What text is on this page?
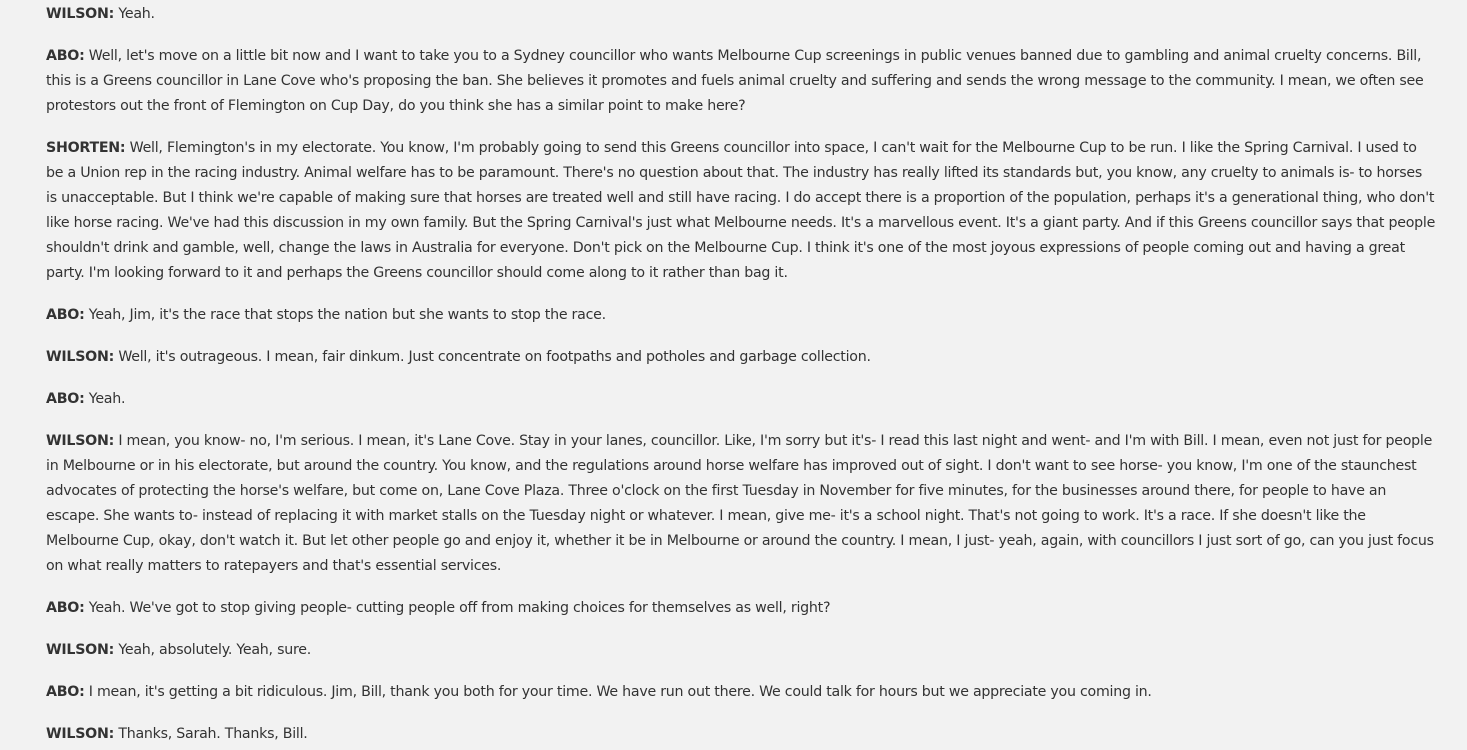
WILSON: Yeah.

ABO: Well, let's move on a little bit now and I want to take you to a Sydney councillor who wants Melbourne Cup screenings in public venues banned due to gambling and animal cruelty concerns. Bill, this is a Greens councillor in Lane Cove who's proposing the ban. She believes it promotes and fuels animal cruelty and suffering and sends the wrong message to the community. I mean, we often see protestors out the front of Flemington on Cup Day, do you think she has a similar point to make here?

SHORTEN: Well, Flemington's in my electorate. You know, I'm probably going to send this Greens councillor into space, I can't wait for the Melbourne Cup to be run. I like the Spring Carnival. I used to be a Union rep in the racing industry. Animal welfare has to be paramount. There's no question about that. The industry has really lifted its standards but, you know, any cruelty to animals is- to horses is unacceptable. But I think we're capable of making sure that horses are treated well and still have racing. I do accept there is a proportion of the population, perhaps it's a generational thing, who don't like horse racing. We've had this discussion in my own family. But the Spring Carnival's just what Melbourne needs. It's a marvellous event. It's a giant party. And if this Greens councillor says that people shouldn't drink and gamble, well, change the laws in Australia for everyone. Don't pick on the Melbourne Cup. I think it's one of the most joyous expressions of people coming out and having a great party. I'm looking forward to it and perhaps the Greens councillor should come along to it rather than bag it.

ABO: Yeah, Jim, it's the race that stops the nation but she wants to stop the race.

WILSON: Well, it's outrageous. I mean, fair dinkum. Just concentrate on footpaths and potholes and garbage collection.

ABO: Yeah.

WILSON: I mean, you know- no, I'm serious. I mean, it's Lane Cove. Stay in your lanes, councillor. Like, I'm sorry but it's- I read this last night and went- and I'm with Bill. I mean, even not just for people in Melbourne or in his electorate, but around the country. You know, and the regulations around horse welfare has improved out of sight. I don't want to see horse- you know, I'm one of the staunchest advocates of protecting the horse's welfare, but come on, Lane Cove Plaza. Three o'clock on the first Tuesday in November for five minutes, for the businesses around there, for people to have an escape. She wants to- instead of replacing it with market stalls on the Tuesday night or whatever. I mean, give me- it's a school night. That's not going to work. It's a race. If she doesn't like the Melbourne Cup, okay, don't watch it. But let other people go and enjoy it, whether it be in Melbourne or around the country. I mean, I just- yeah, again, with councillors I just sort of go, can you just focus on what really matters to ratepayers and that's essential services.

ABO: Yeah. We've got to stop giving people- cutting people off from making choices for themselves as well, right?

WILSON: Yeah, absolutely. Yeah, sure.

ABO: I mean, it's getting a bit ridiculous. Jim, Bill, thank you both for your time. We have run out there. We could talk for hours but we appreciate you coming in.

WILSON: Thanks, Sarah. Thanks, Bill.
